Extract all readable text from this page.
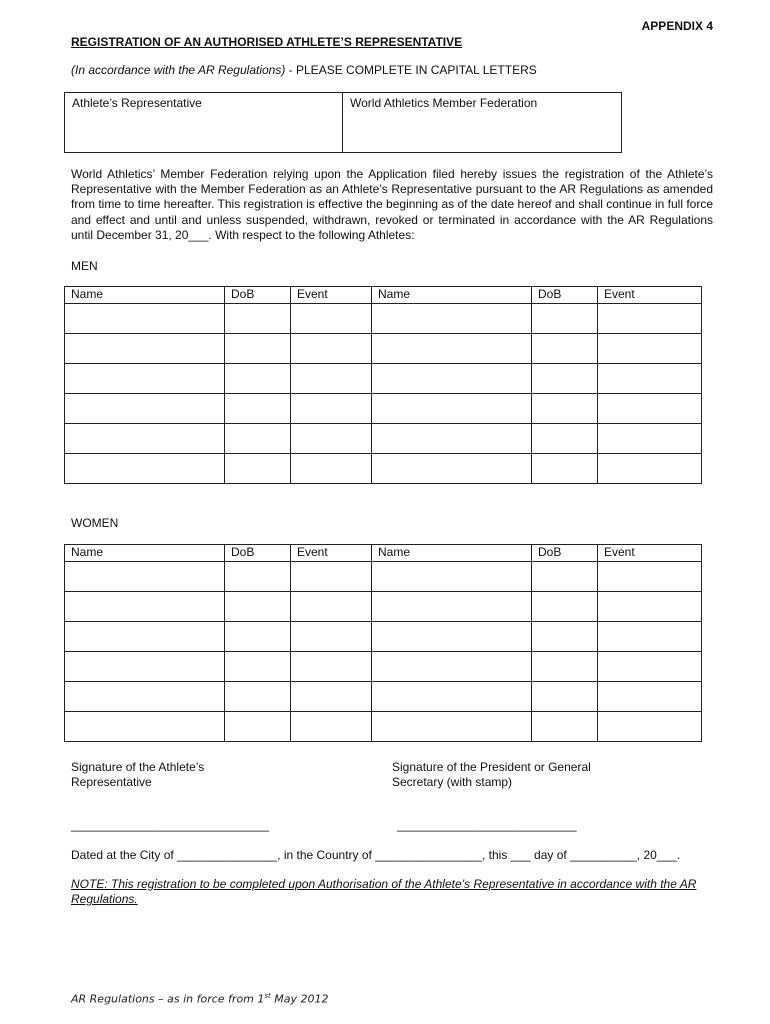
APPENDIX 4
REGISTRATION OF AN AUTHORISED ATHLETE’S REPRESENTATIVE
(In accordance with the AR Regulations) - PLEASE COMPLETE IN CAPITAL LETTERS
Athlete’s Representative	World Athletics Member Federation
World Athletics’ Member Federation relying upon the Application filed hereby issues the registration of the Athlete’s Representative with the Member Federation as an Athlete’s Representative pursuant to the AR Regulations as amended from time to time hereafter. This registration is effective the beginning as of the date hereof and shall continue in full force and effect and until and unless suspended, withdrawn, revoked or terminated in accordance with the AR Regulations until December 31, 20___. With respect to the following Athletes:
MEN
Name	DoB	Event	Name	DoB	Event

WOMEN
Name	DoB	Event	Name	DoB	Event

Signature of the Athlete’s
Representative
Signature of the President or General
Secretary (with stamp)
________________________________	_____________________________
Dated at the City of _______________, in the Country of ________________, this ___ day of __________, 20___.
NOTE: This registration to be completed upon Authorisation of the Athlete’s Representative in accordance with the AR Regulations.
AR Regulations – as in force from 1st May 2012
